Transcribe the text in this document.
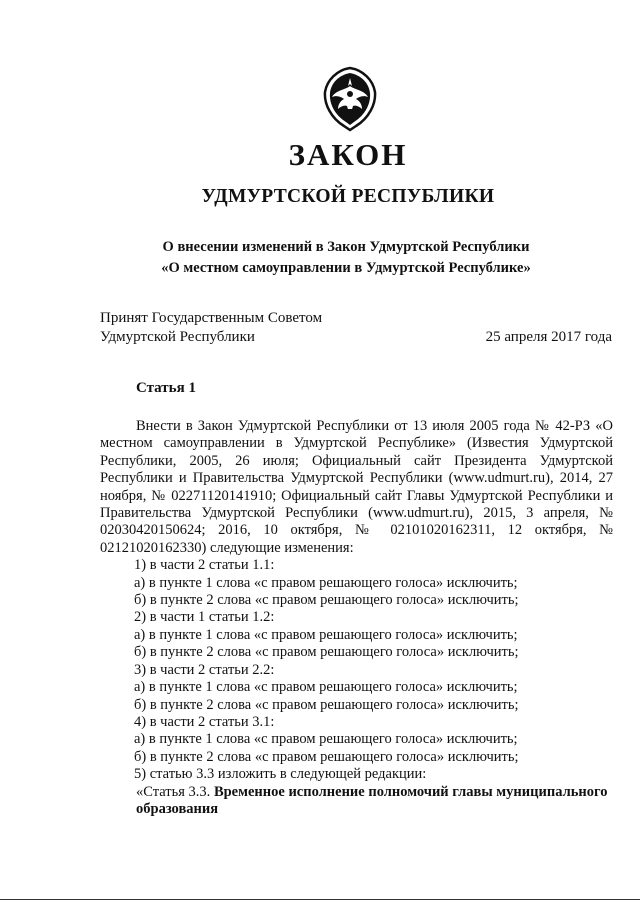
ЗАКОН
УДМУРТСКОЙ РЕСПУБЛИКИ
О внесении изменений в Закон Удмуртской Республики
«О местном самоуправлении в Удмуртской Республике»
Принят Государственным Советом
Удмуртской Республики	25 апреля 2017 года
Статья 1

Внести в Закон Удмуртской Республики от 13 июля 2005 года № 42-РЗ «О местном самоуправлении в Удмуртской Республике» (Известия Удмуртской Республики, 2005, 26 июля; Официальный сайт Президента Удмуртской Республики и Правительства Удмуртской Республики (www.udmurt.ru), 2014, 27 ноября, № 02271120141910; Официальный сайт Главы Удмуртской Республики и Правительства Удмуртской Республики (www.udmurt.ru), 2015, 3 апреля, № 02030420150624; 2016, 10 октября, № 02101020162311, 12 октября, № 02121020162330) следующие изменения:

1) в части 2 статьи 1.1:

а) в пункте 1 слова «с правом решающего голоса» исключить;

б) в пункте 2 слова «с правом решающего голоса» исключить;

2) в части 1 статьи 1.2:

а) в пункте 1 слова «с правом решающего голоса» исключить;

б) в пункте 2 слова «с правом решающего голоса» исключить;

3) в части 2 статьи 2.2:

а) в пункте 1 слова «с правом решающего голоса» исключить;

б) в пункте 2 слова «с правом решающего голоса» исключить;

4) в части 2 статьи 3.1:

а) в пункте 1 слова «с правом решающего голоса» исключить;

б) в пункте 2 слова «с правом решающего голоса» исключить;

5) статью 3.3 изложить в следующей редакции:

«Статья 3.3. Временное исполнение полномочий главы муниципального образования
